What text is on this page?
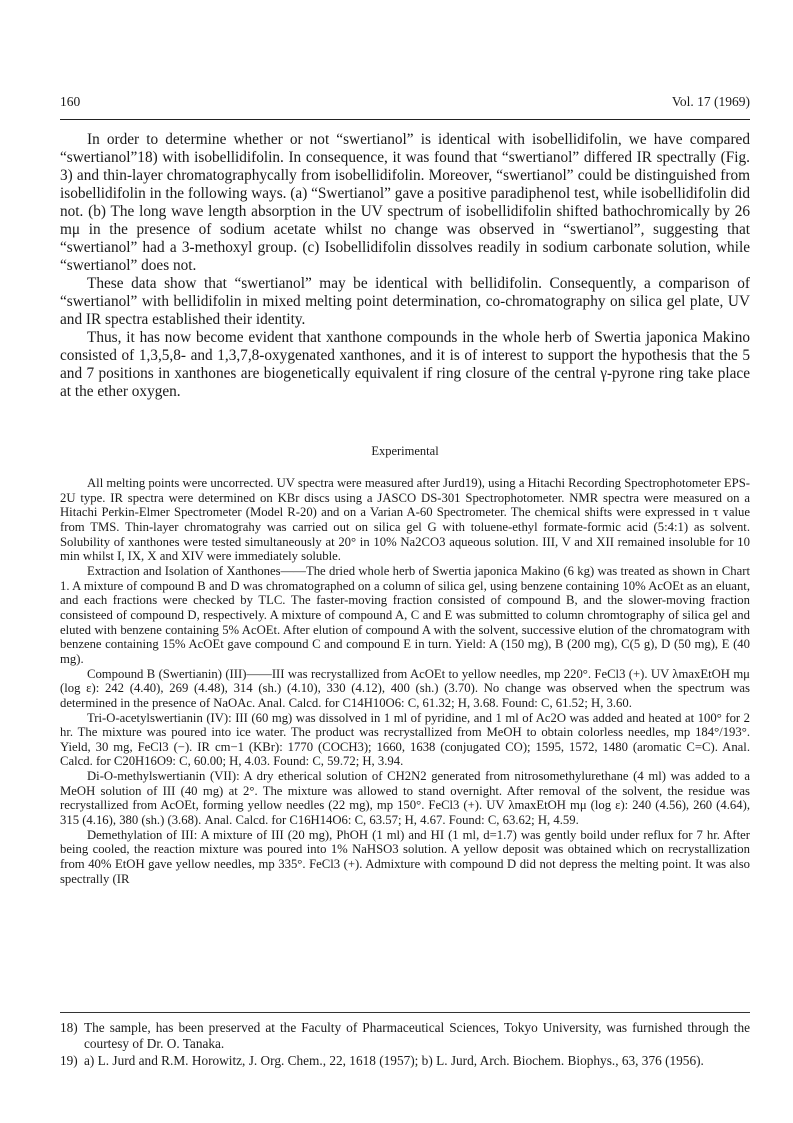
160	Vol. 17 (1969)

In order to determine whether or not “swertianol” is identical with isobellidifolin, we have compared “swertianol”18) with isobellidifolin. In consequence, it was found that “swertianol” differed IR spectrally (Fig. 3) and thin-layer chromatographycally from isobellidifolin. Moreover, “swertianol” could be distinguished from isobellidifolin in the following ways. (a) “Swertianol” gave a positive paradiphenol test, while isobellidifolin did not. (b) The long wave length absorption in the UV spectrum of isobellidifolin shifted bathochromically by 26 mμ in the presence of sodium acetate whilst no change was observed in “swertianol”, suggesting that “swertianol” had a 3-methoxyl group. (c) Isobellidifolin dissolves readily in sodium carbonate solution, while “swertianol” does not.

These data show that “swertianol” may be identical with bellidifolin. Consequently, a comparison of “swertianol” with bellidifolin in mixed melting point determination, co-chromatography on silica gel plate, UV and IR spectra established their identity.

Thus, it has now become evident that xanthone compounds in the whole herb of Swertia japonica Makino consisted of 1,3,5,8- and 1,3,7,8-oxygenated xanthones, and it is of interest to support the hypothesis that the 5 and 7 positions in xanthones are biogenetically equivalent if ring closure of the central γ-pyrone ring take place at the ether oxygen.

Experimental

All melting points were uncorrected. UV spectra were measured after Jurd19), using a Hitachi Recording Spectrophotometer EPS-2U type. IR spectra were determined on KBr discs using a JASCO DS-301 Spectrophotometer. NMR spectra were measured on a Hitachi Perkin-Elmer Spectrometer (Model R-20) and on a Varian A-60 Spectrometer. The chemical shifts were expressed in τ value from TMS. Thin-layer chromatograhy was carried out on silica gel G with toluene-ethyl formate-formic acid (5:4:1) as solvent. Solubility of xanthones were tested simultaneously at 20° in 10% Na2CO3 aqueous solution. III, V and XII remained insoluble for 10 min whilst I, IX, X and XIV were immediately soluble.

Extraction and Isolation of Xanthones——The dried whole herb of Swertia japonica Makino (6 kg) was treated as shown in Chart 1. A mixture of compound B and D was chromatographed on a column of silica gel, using benzene containing 10% AcOEt as an eluant, and each fractions were checked by TLC. The faster-moving fraction consisted of compound B, and the slower-moving fraction consisteed of compound D, respectively. A mixture of compound A, C and E was submitted to column chromtography of silica gel and eluted with benzene containing 5% AcOEt. After elution of compound A with the solvent, successive elution of the chromatogram with benzene containing 15% AcOEt gave compound C and compound E in turn. Yield: A (150 mg), B (200 mg), C(5 g), D (50 mg), E (40 mg).

Compound B (Swertianin) (III)——III was recrystallized from AcOEt to yellow needles, mp 220°. FeCl3 (+). UV λmaxEtOH mμ (log ε): 242 (4.40), 269 (4.48), 314 (sh.) (4.10), 330 (4.12), 400 (sh.) (3.70). No change was observed when the spectrum was determined in the presence of NaOAc. Anal. Calcd. for C14H10O6: C, 61.32; H, 3.68. Found: C, 61.52; H, 3.60.

Tri-O-acetylswertianin (IV): III (60 mg) was dissolved in 1 ml of pyridine, and 1 ml of Ac2O was added and heated at 100° for 2 hr. The mixture was poured into ice water. The product was recrystallized from MeOH to obtain colorless needles, mp 184°/193°. Yield, 30 mg, FeCl3 (−). IR cm−1 (KBr): 1770 (COCH3); 1660, 1638 (conjugated CO); 1595, 1572, 1480 (aromatic C=C). Anal. Calcd. for C20H16O9: C, 60.00; H, 4.03. Found: C, 59.72; H, 3.94.

Di-O-methylswertianin (VII): A dry etherical solution of CH2N2 generated from nitrosomethylurethane (4 ml) was added to a MeOH solution of III (40 mg) at 2°. The mixture was allowed to stand overnight. After removal of the solvent, the residue was recrystallized from AcOEt, forming yellow needles (22 mg), mp 150°. FeCl3 (+). UV λmaxEtOH mμ (log ε): 240 (4.56), 260 (4.64), 315 (4.16), 380 (sh.) (3.68). Anal. Calcd. for C16H14O6: C, 63.57; H, 4.67. Found: C, 63.62; H, 4.59.

Demethylation of III: A mixture of III (20 mg), PhOH (1 ml) and HI (1 ml, d=1.7) was gently boild under reflux for 7 hr. After being cooled, the reaction mixture was poured into 1% NaHSO3 solution. A yellow deposit was obtained which on recrystallization from 40% EtOH gave yellow needles, mp 335°. FeCl3 (+). Admixture with compound D did not depress the melting point. It was also spectrally (IR

18) The sample, has been preserved at the Faculty of Pharmaceutical Sciences, Tokyo University, was furnished through the courtesy of Dr. O. Tanaka.
19) a) L. Jurd and R.M. Horowitz, J. Org. Chem., 22, 1618 (1957); b) L. Jurd, Arch. Biochem. Biophys., 63, 376 (1956).
